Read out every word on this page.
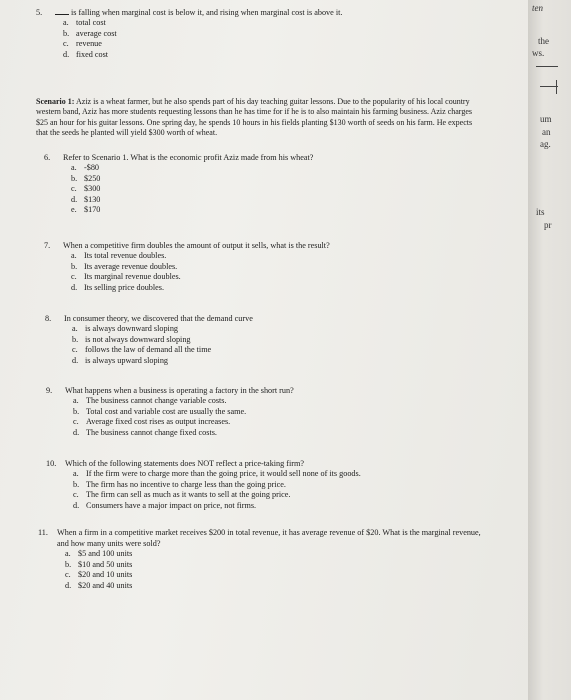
5.	is falling when marginal cost is below it, and rising when marginal cost is above it.
a. total cost
b. average cost
c. revenue
d. fixed cost
Scenario 1: Aziz is a wheat farmer, but he also spends part of his day teaching guitar lessons. Due to the popularity of his local country western band, Aziz has more students requesting lessons than he has time for if he is to also maintain his farming business. Aziz charges $25 an hour for his guitar lessons. One spring day, he spends 10 hours in his fields planting $130 worth of seeds on his farm. He expects that the seeds he planted will yield $300 worth of wheat.
6.	Refer to Scenario 1. What is the economic profit Aziz made from his wheat?
a. -$80
b. $250
c. $300
d. $130
e. $170
7.	When a competitive firm doubles the amount of output it sells, what is the result?
a. Its total revenue doubles.
b. Its average revenue doubles.
c. Its marginal revenue doubles.
d. Its selling price doubles.
8.	In consumer theory, we discovered that the demand curve
a. is always downward sloping
b. is not always downward sloping
c. follows the law of demand all the time
d. is always upward sloping
9.	What happens when a business is operating a factory in the short run?
a. The business cannot change variable costs.
b. Total cost and variable cost are usually the same.
c. Average fixed cost rises as output increases.
d. The business cannot change fixed costs.
10.	Which of the following statements does NOT reflect a price-taking firm?
a. If the firm were to charge more than the going price, it would sell none of its goods.
b. The firm has no incentive to charge less than the going price.
c. The firm can sell as much as it wants to sell at the going price.
d. Consumers have a major impact on price, not firms.
11.	When a firm in a competitive market receives $200 in total revenue, it has average revenue of $20. What is the marginal revenue, and how many units were sold?
a. $5 and 100 units
b. $10 and 50 units
c. $20 and 10 units
d. $20 and 40 units
ten
the
ws.
um
an
ag.
its
pr
